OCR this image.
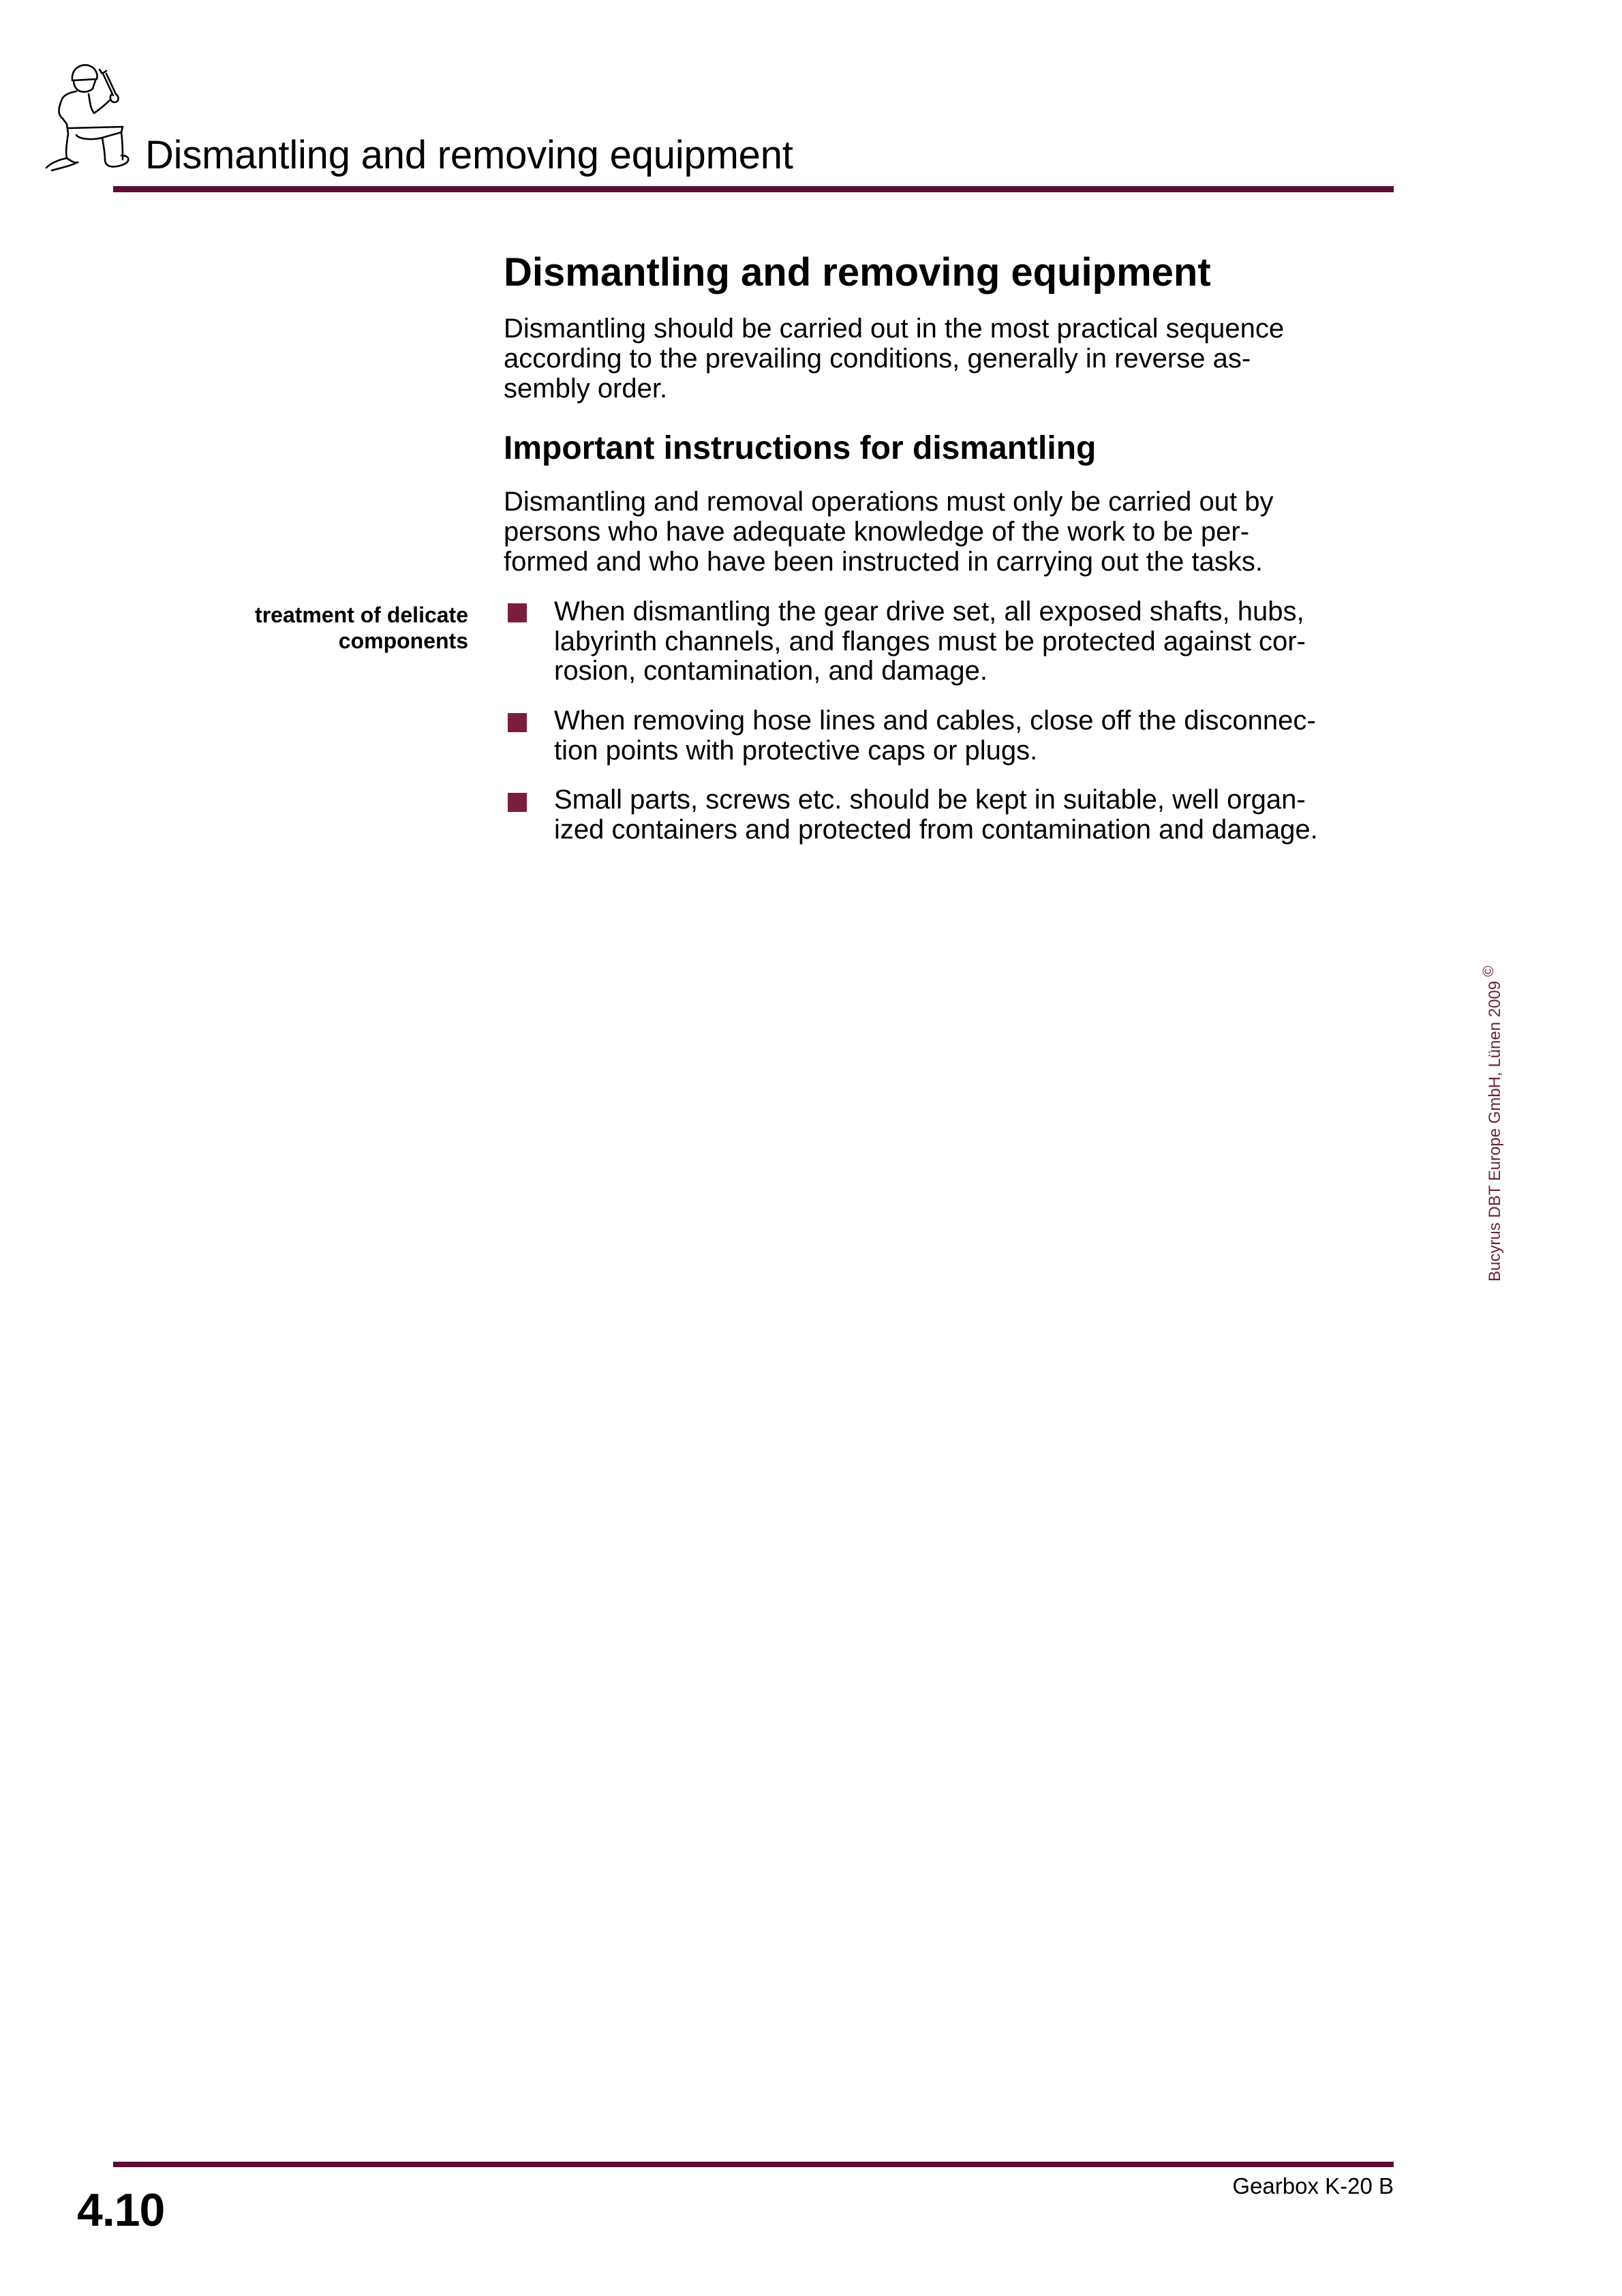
Dismantling and removing equipment
Dismantling and removing equipment
Dismantling should be carried out in the most practical sequence
according to the prevailing conditions, generally in reverse as-
sembly order.
Important instructions for dismantling
Dismantling and removal operations must only be carried out by
persons who have adequate knowledge of the work to be per-
formed and who have been instructed in carrying out the tasks.
treatment of delicate
components
When dismantling the gear drive set, all exposed shafts, hubs,
labyrinth channels, and flanges must be protected against cor-
rosion, contamination, and damage.
When removing hose lines and cables, close off the disconnec-
tion points with protective caps or plugs.
Small parts, screws etc. should be kept in suitable, well organ-
ized containers and protected from contamination and damage.
Bucyrus DBT Europe GmbH, Lünen 2009©
4.10	Gearbox K-20 B
